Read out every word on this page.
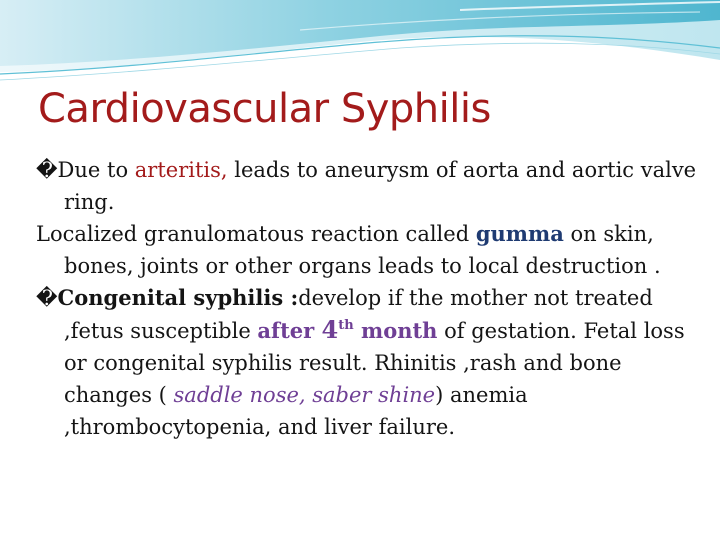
Cardiovascular Syphilis

�Due to arteritis, leads to aneurysm of aorta and aortic valve ring.

Localized granulomatous reaction called gumma on skin, bones, joints or other organs leads to local destruction .

�Congenital syphilis :develop if the mother not treated ,fetus susceptible after 4th month of gestation. Fetal loss or congenital syphilis result. Rhinitis ,rash and bone changes ( saddle nose, saber shine) anemia ,thrombocytopenia, and liver failure.
